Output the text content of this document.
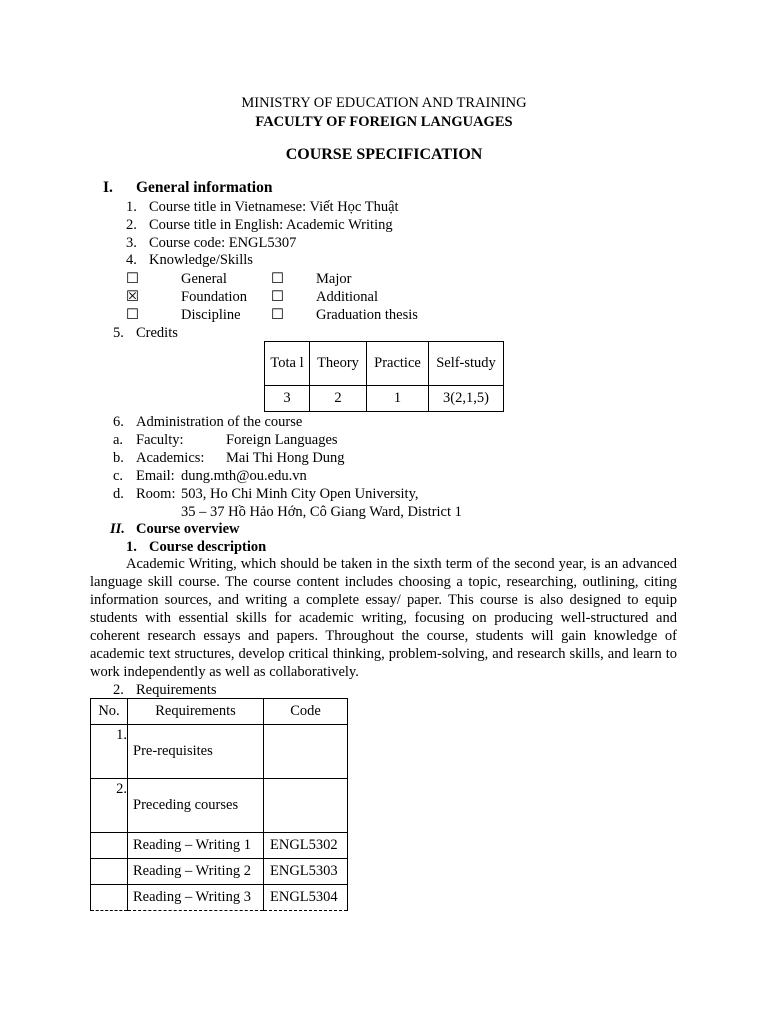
MINISTRY OF EDUCATION AND TRAINING
FACULTY OF FOREIGN LANGUAGES
COURSE SPECIFICATION
I. General information
1. Course title in Vietnamese: Viết Học Thuật
2. Course title in English: Academic Writing
3. Course code: ENGL5307
4. Knowledge/Skills
☐	General	☐ Major
☒	Foundation ☐ Additional
☐	Discipline ☐ Graduation thesis
5. Credits
Tota l	Theory	Practice	Self-study
3	2	1	3(2,1,5)
6. Administration of the course
a. Faculty:	Foreign Languages
b. Academics: Mai Thi Hong Dung
c. Email: dung.mth@ou.edu.vn
d. Room: 503, Ho Chi Minh City Open University,
35 – 37 Hồ Hảo Hớn, Cô Giang Ward, District 1
II. Course overview
1. Course description
Academic Writing, which should be taken in the sixth term of the second year, is an advanced language skill course. The course content includes choosing a topic, researching, outlining, citing information sources, and writing a complete essay/ paper. This course is also designed to equip students with essential skills for academic writing, focusing on producing well-structured and coherent research essays and papers. Throughout the course, students will gain knowledge of academic text structures, develop critical thinking, problem-solving, and research skills, and learn to work independently as well as collaboratively.
2. Requirements
No.	Requirements	Code
1.	Pre-requisites	
2.	Preceding courses	
	Reading – Writing 1	ENGL5302
	Reading – Writing 2	ENGL5303
	Reading – Writing 3	ENGL5304
